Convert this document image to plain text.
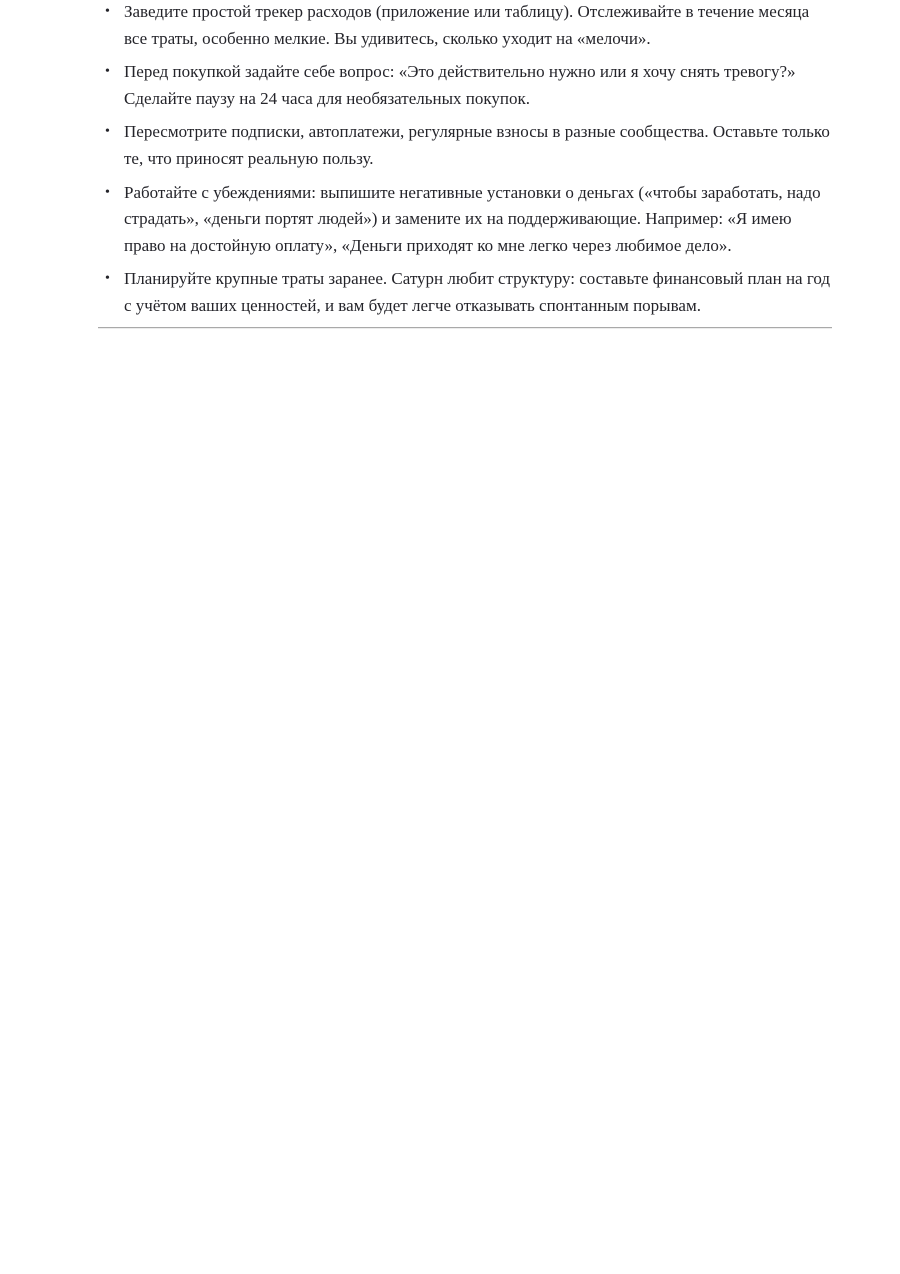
• Заведите простой трекер расходов (приложение или таблицу). Отслеживайте в течение месяца все траты, особенно мелкие. Вы удивитесь, сколько уходит на «мелочи».
• Перед покупкой задайте себе вопрос: «Это действительно нужно или я хочу снять тревогу?» Сделайте паузу на 24 часа для необязательных покупок.
• Пересмотрите подписки, автоплатежи, регулярные взносы в разные сообщества. Оставьте только те, что приносят реальную пользу.
• Работайте с убеждениями: выпишите негативные установки о деньгах («чтобы заработать, надо страдать», «деньги портят людей») и замените их на поддерживающие. Например: «Я имею право на достойную оплату», «Деньги приходят ко мне легко через любимое дело».
• Планируйте крупные траты заранее. Сатурн любит структуру: составьте финансовый план на год с учётом ваших ценностей, и вам будет легче отказывать спонтанным порывам.
